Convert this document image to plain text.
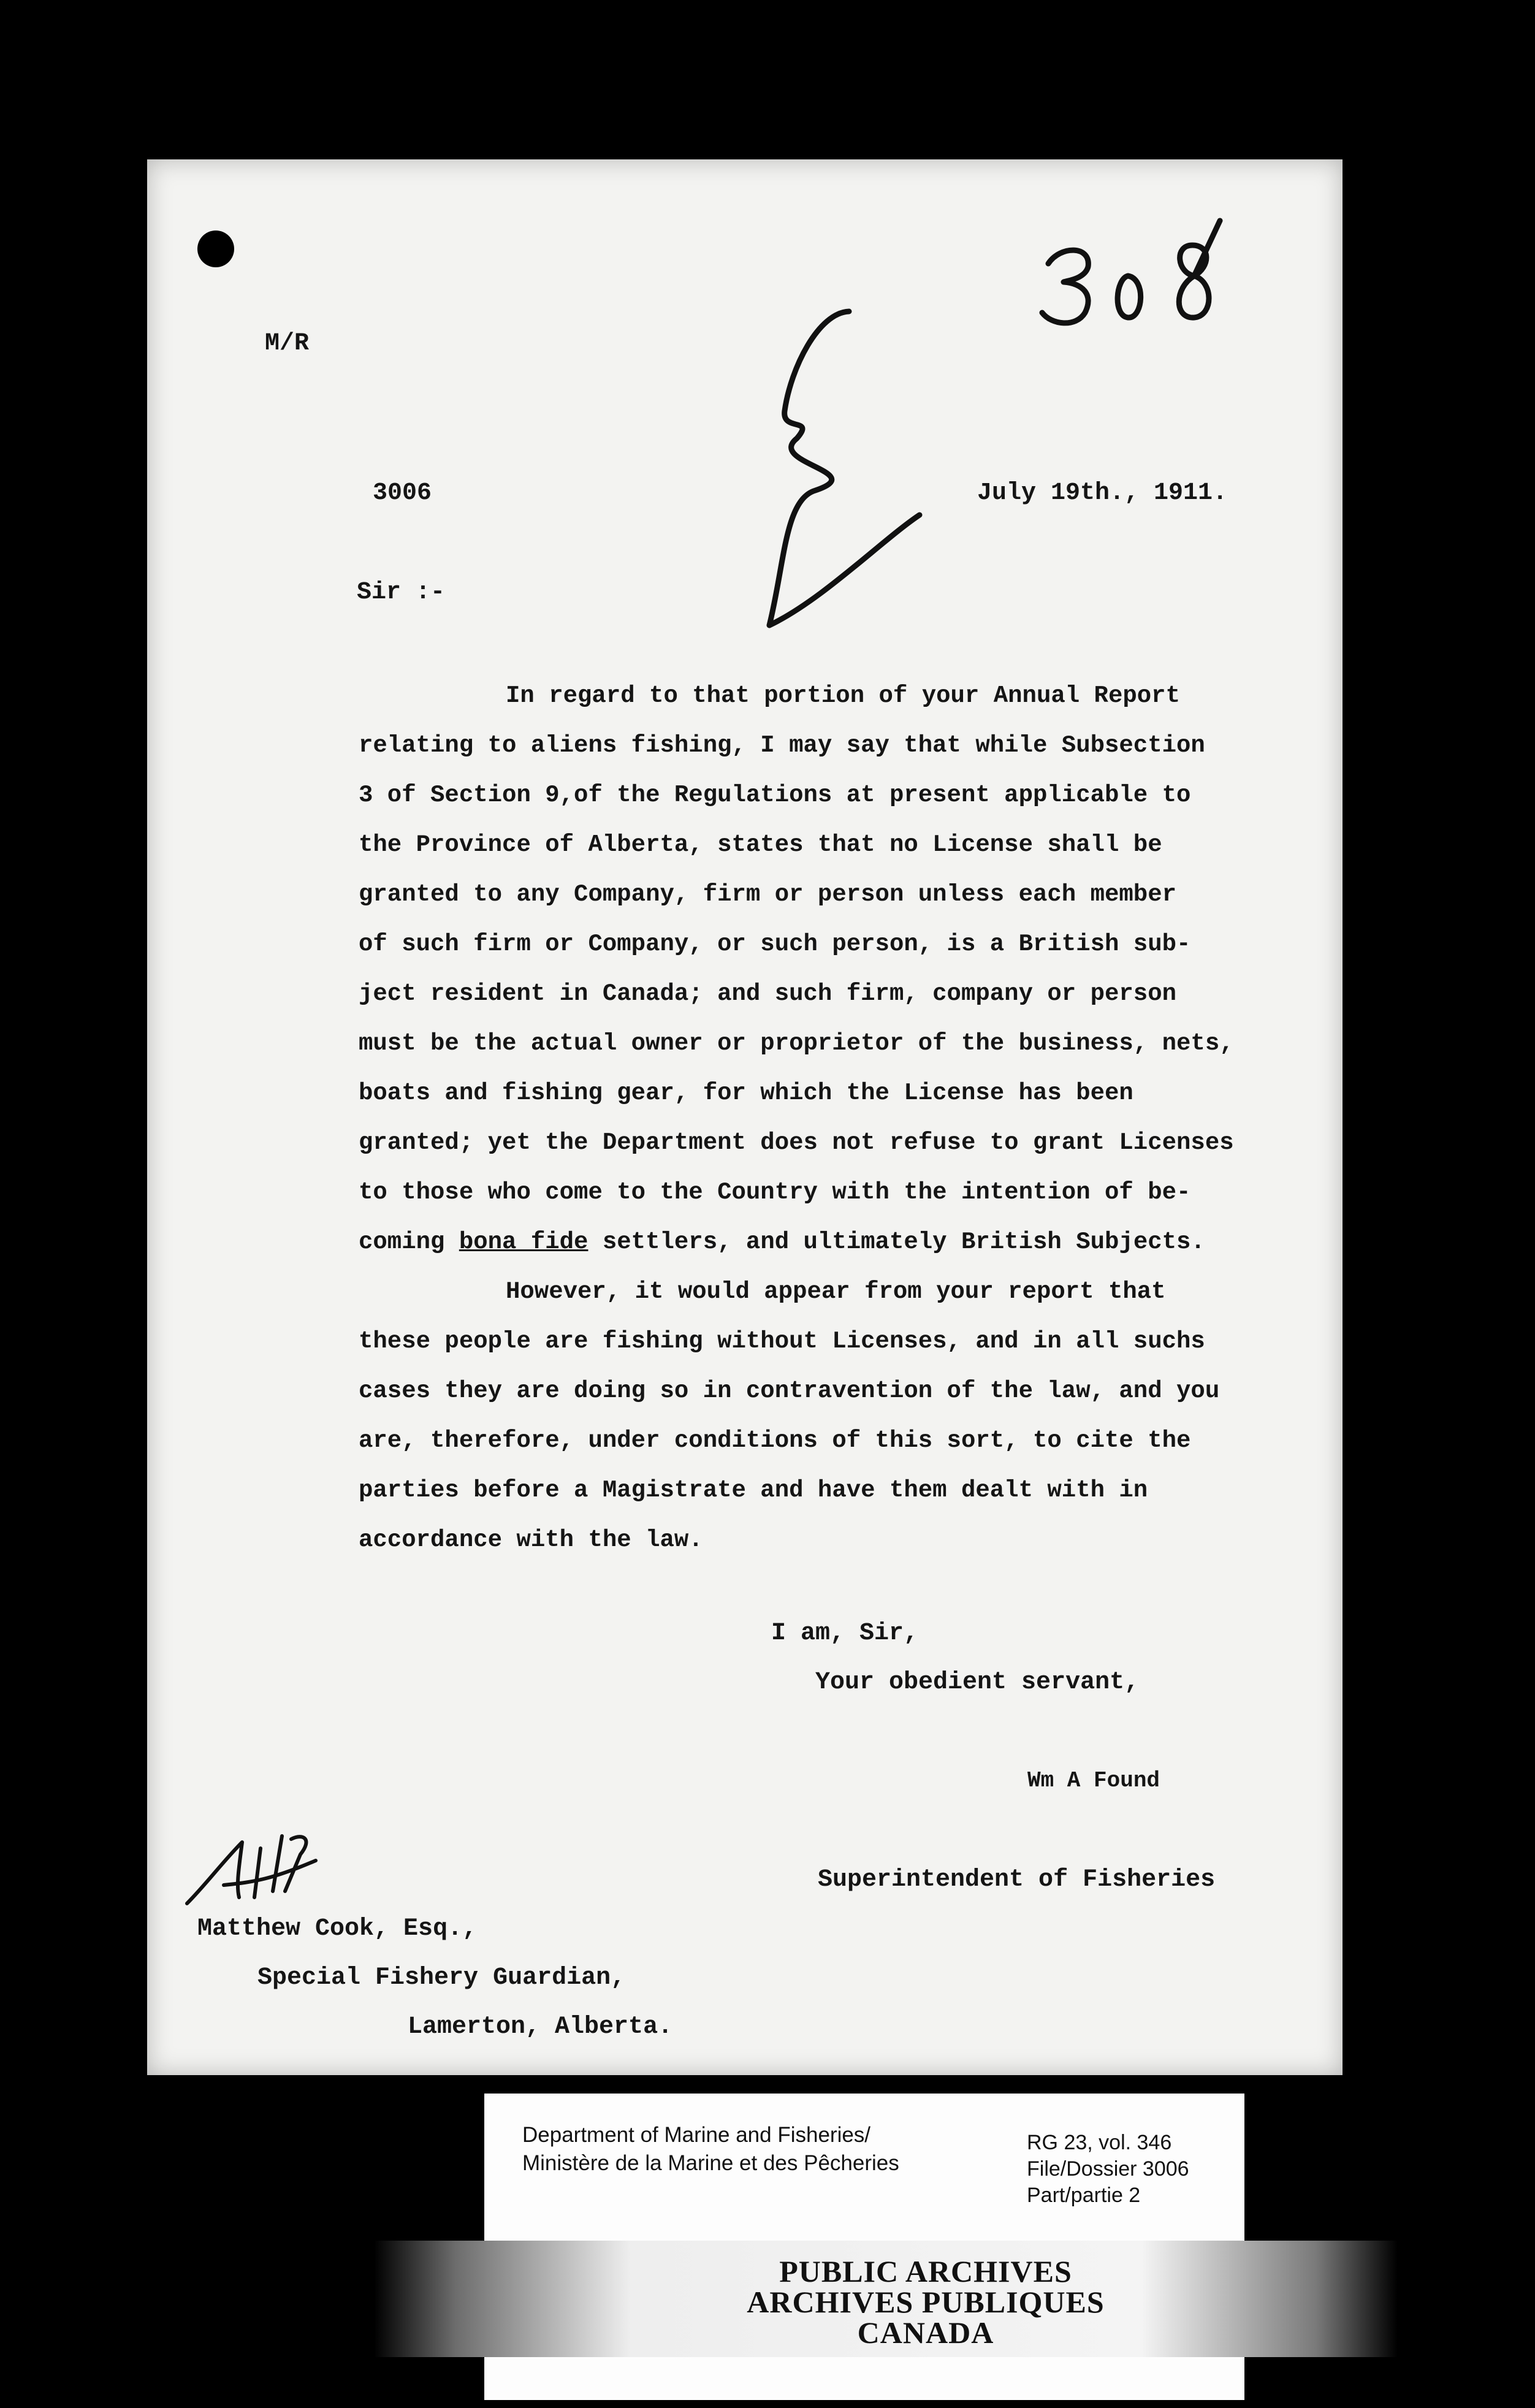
M/R
3006	July 19th., 1911.
Sir :-
In regard to that portion of your Annual Report
relating to aliens fishing, I may say that while Subsection
3 of Section 9,of the Regulations at present applicable to
the Province of Alberta, states that no License shall be
granted to any Company, firm or person unless each member
of such firm or Company, or such person, is a British sub-
ject resident in Canada; and such firm, company or person
must be the actual owner or proprietor of the business, nets,
boats and fishing gear, for which the License has been
granted; yet the Department does not refuse to grant Licenses
to those who come to the Country with the intention of be-
coming bona fide settlers, and ultimately British Subjects.
However, it would appear from your report that
these people are fishing without Licenses, and in all suchs
cases they are doing so in contravention of the law, and you
are, therefore, under conditions of this sort, to cite the
parties before a Magistrate and have them dealt with in
accordance with the law.
I am, Sir,
Your obedient servant,
Wm A Found
Superintendent of Fisheries
Matthew Cook, Esq.,
Special Fishery Guardian,
Lamerton, Alberta.
Department of Marine and Fisheries/
Ministère de la Marine et des Pêcheries
RG 23, vol. 346
File/Dossier 3006
Part/partie 2
PUBLIC ARCHIVES
ARCHIVES PUBLIQUES
CANADA
